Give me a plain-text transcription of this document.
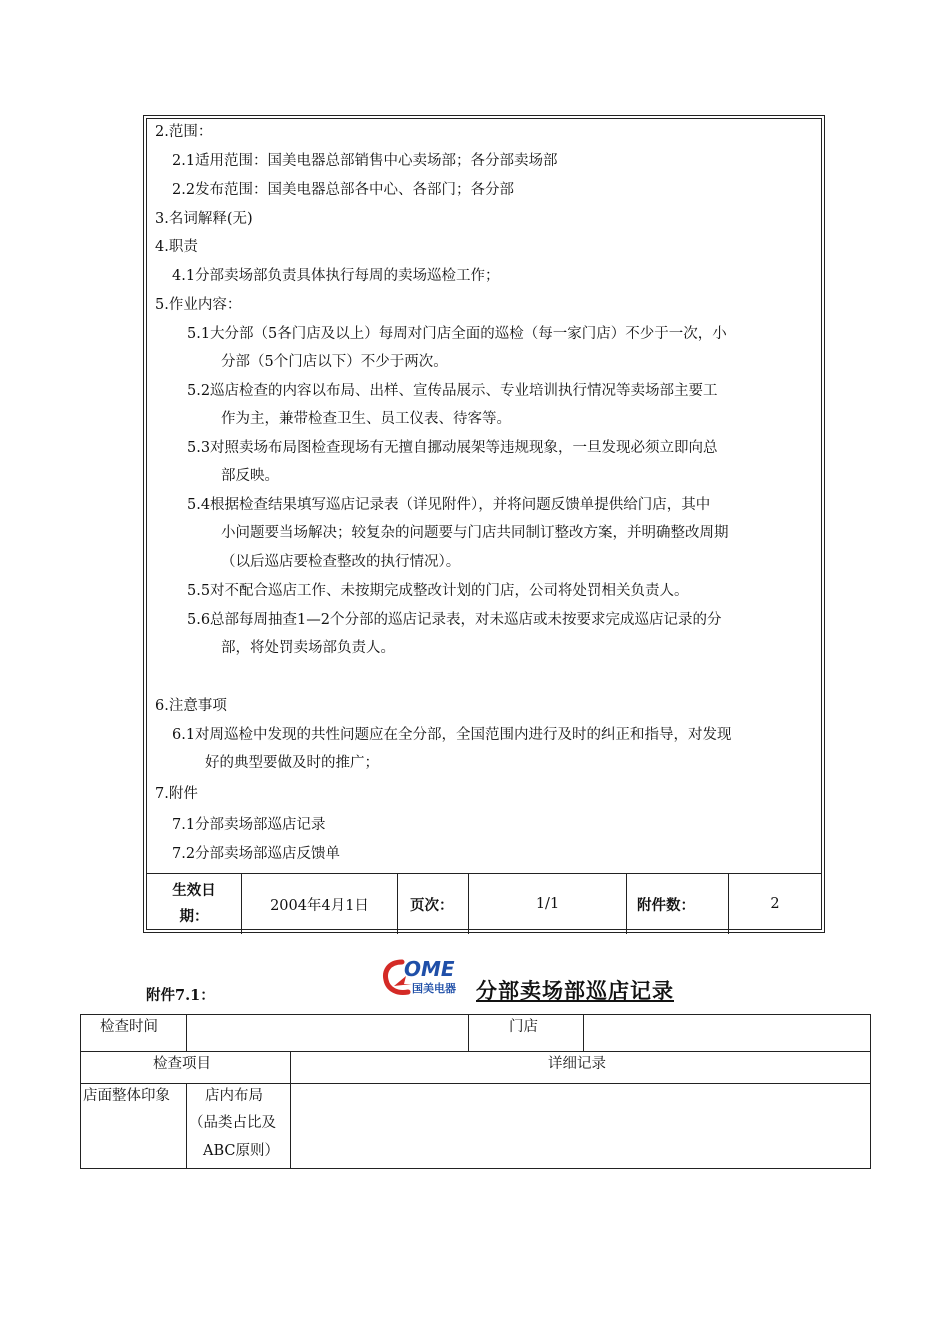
2.范围：
2.1适用范围：国美电器总部销售中心卖场部；各分部卖场部
2.2发布范围：国美电器总部各中心、各部门；各分部
3.名词解释(无)
4.职责
4.1分部卖场部负责具体执行每周的卖场巡检工作；
5.作业内容：
5.1大分部（5各门店及以上）每周对门店全面的巡检（每一家门店）不少于一次，小
分部（5个门店以下）不少于两次。
5.2巡店检查的内容以布局、出样、宣传品展示、专业培训执行情况等卖场部主要工
作为主，兼带检查卫生、员工仪表、待客等。
5.3对照卖场布局图检查现场有无擅自挪动展架等违规现象，一旦发现必须立即向总
部反映。
5.4根据检查结果填写巡店记录表（详见附件），并将问题反馈单提供给门店，其中
小问题要当场解决；较复杂的问题要与门店共同制订整改方案，并明确整改周期
（以后巡店要检查整改的执行情况）。
5.5对不配合巡店工作、未按期完成整改计划的门店，公司将处罚相关负责人。
5.6总部每周抽查1—2个分部的巡店记录表，对未巡店或未按要求完成巡店记录的分
部，将处罚卖场部负责人。
6.注意事项
6.1对周巡检中发现的共性问题应在全分部，全国范围内进行及时的纠正和指导，对发现
好的典型要做及时的推广；
7.附件
7.1分部卖场部巡店记录
7.2分部卖场部巡店反馈单
生效日
期：
2004年4月1日	页次：	1/1	附件数：	2
附件7.1：
OME
国美电器 分部卖场部巡店记录
检查时间	门店
检查项目	详细记录
店面整体印象 店内布局
（品类占比及
ABC原则）
